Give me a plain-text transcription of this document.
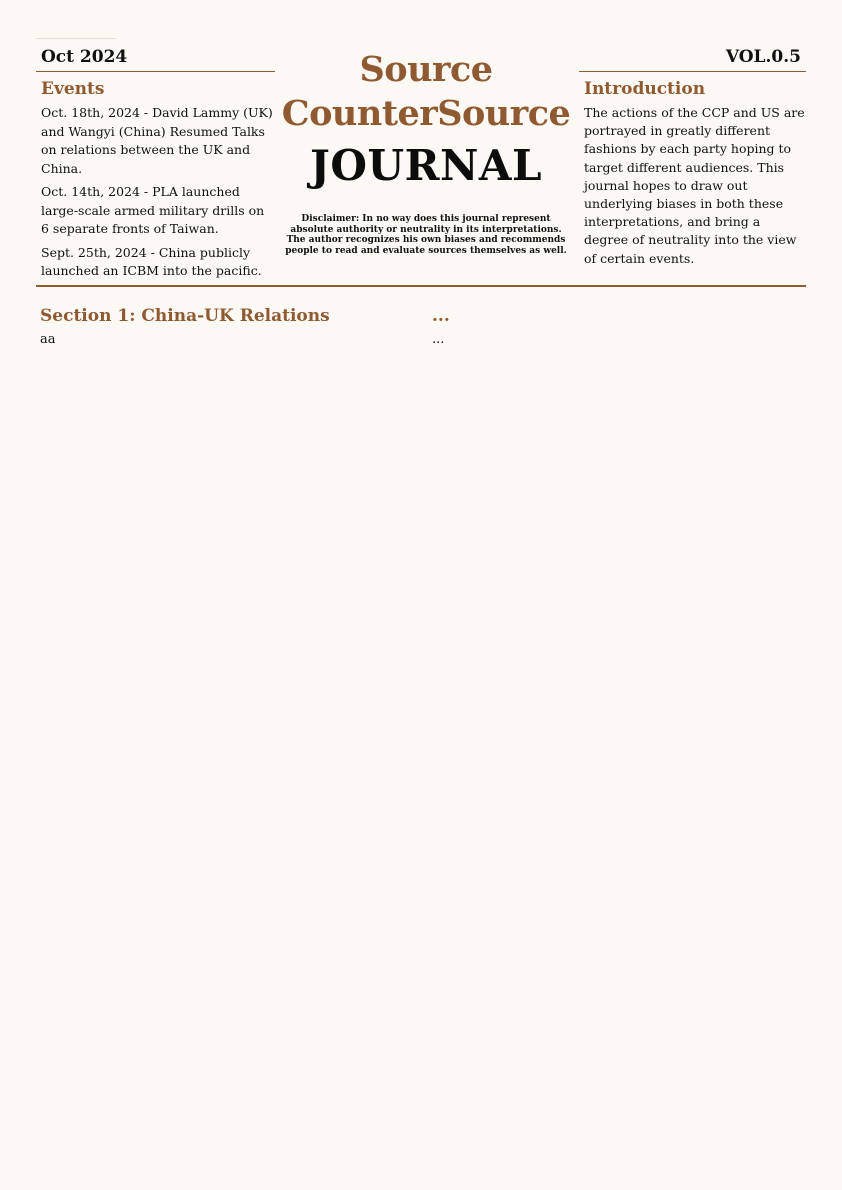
Oct 2024
Events
Oct. 18th, 2024 - David Lammy (UK) and Wangyi (China) Resumed Talks on relations between the UK and China.
Oct. 14th, 2024 - PLA launched large-scale armed military drills on 6 separate fronts of Taiwan.
Sept. 25th, 2024 - China publicly launched an ICBM into the pacific.
Source
CounterSource
JOURNAL
Disclaimer: In no way does this journal represent absolute authority or neutrality in its interpretations. The author recognizes his own biases and recommends people to read and evaluate sources themselves as well.
VOL.0.5
Introduction
The actions of the CCP and US are portrayed in greatly different fashions by each party hoping to target different audiences. This journal hopes to draw out underlying biases in both these interpretations, and bring a degree of neutrality into the view of certain events.
Section 1: China-UK Relations
aa
...
...
